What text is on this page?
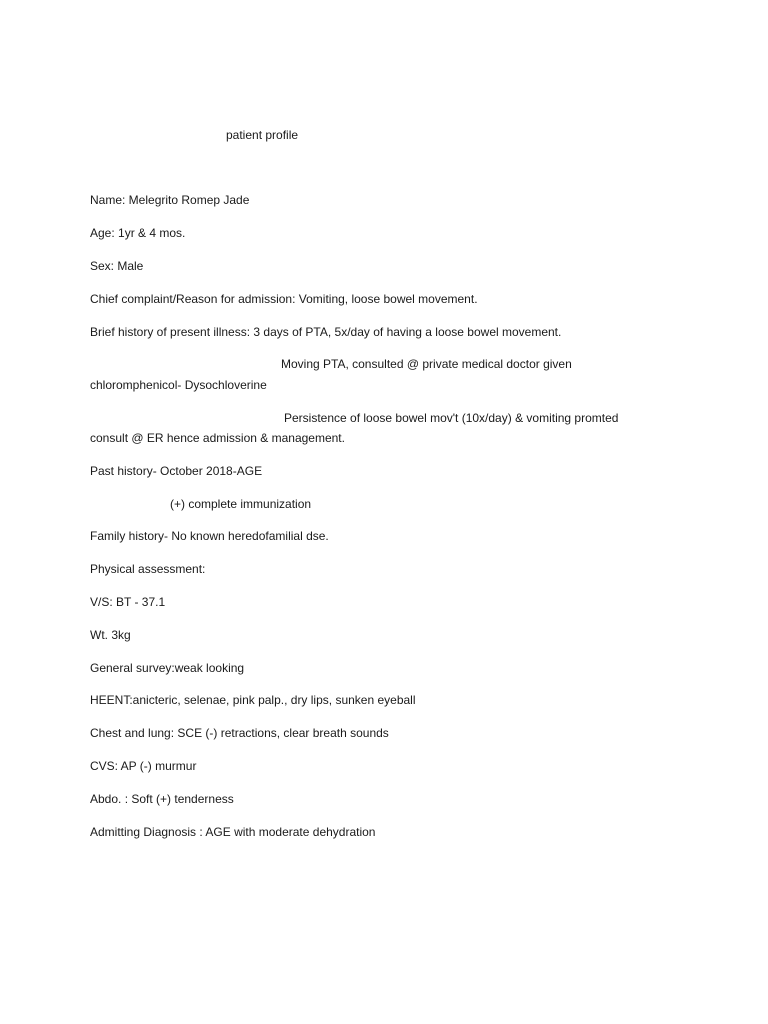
patient profile
Name: Melegrito Romep Jade
Age: 1yr & 4 mos.
Sex: Male
Chief complaint/Reason for admission: Vomiting, loose bowel movement.
Brief history of present illness: 3 days of PTA, 5x/day of having a loose bowel movement.
Moving PTA, consulted @ private medical doctor given
chloromphenicol- Dysochloverine
Persistence of loose bowel mov't (10x/day) & vomiting promted
consult @ ER hence admission & management.
Past history- October 2018-AGE
(+) complete immunization
Family history- No known heredofamilial dse.
Physical assessment:
V/S: BT - 37.1
Wt. 3kg
General survey:weak looking
HEENT:anicteric, selenae, pink palp., dry lips, sunken eyeball
Chest and lung: SCE (-) retractions, clear breath sounds
CVS: AP (-) murmur
Abdo. : Soft (+) tenderness
Admitting Diagnosis : AGE with moderate dehydration
